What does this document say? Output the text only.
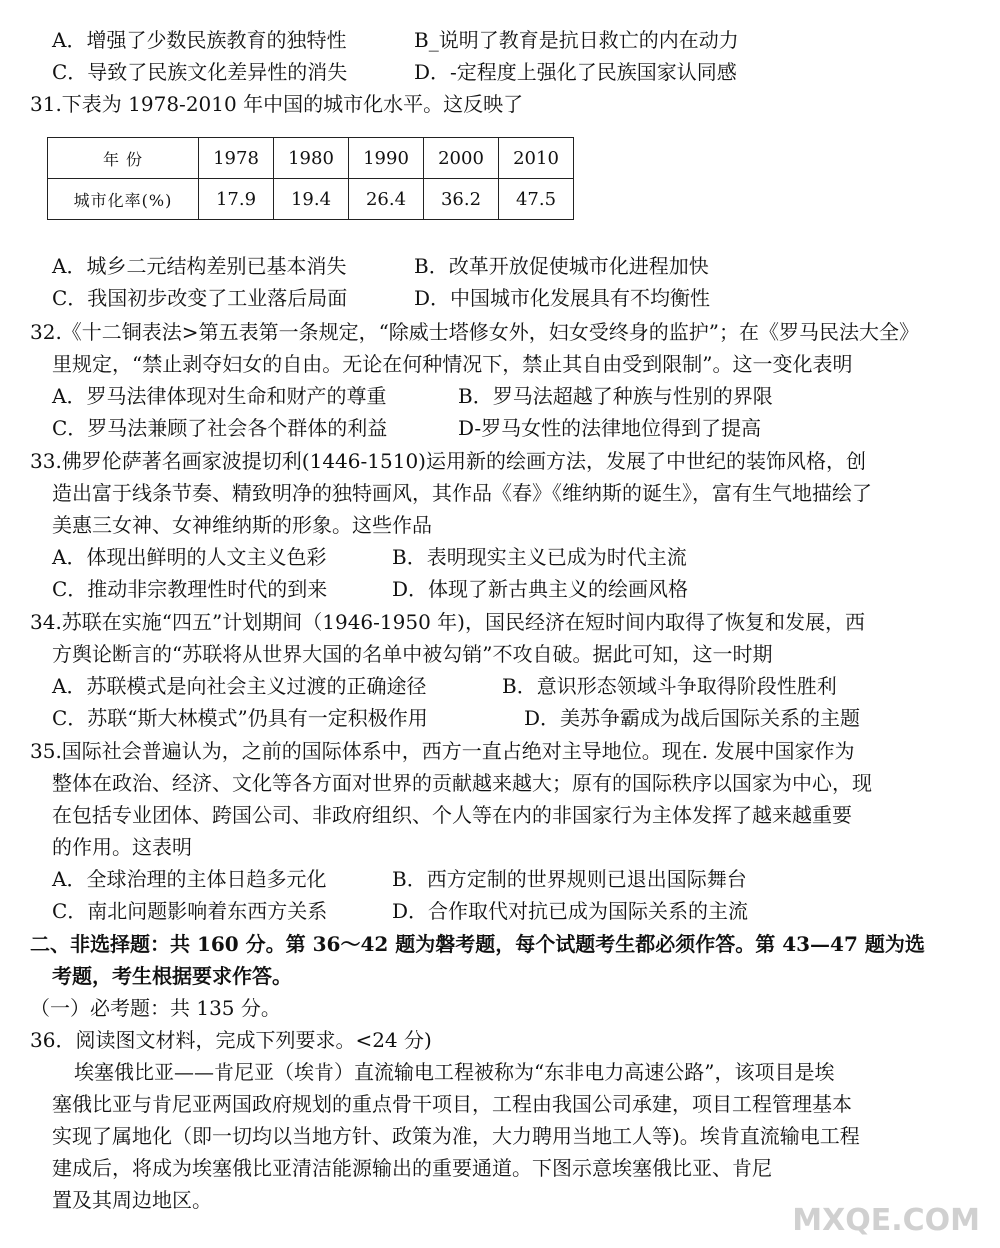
A．增强了少数民族教育的独特性	B_说明了教育是抗日救亡的内在动力
C．导致了民族文化差异性的消失	D．-定程度上强化了民族国家认同感
31.下表为 1978-2010 年中国的城市化水平。这反映了
年 份	1978	1980	1990	2000	2010
城市化率(%)	17.9	19.4	26.4	36.2	47.5
A．城乡二元结构差别已基本消失	B．改革开放促使城市化进程加快
C．我国初步改变了工业落后局面	D．中国城市化发展具有不均衡性
32.《十二铜表法>第五表第一条规定，“除威士塔修女外，妇女受终身的监护”；在《罗马民法大全》
里规定，“禁止剥夺妇女的自由。无论在何种情况下，禁止其自由受到限制”。这一变化表明
A．罗马法律体现对生命和财产的尊重	B．罗马法超越了种族与性别的界限
C．罗马法兼顾了社会各个群体的利益	D-罗马女性的法律地位得到了提高
33.佛罗伦萨著名画家波提切利(1446-1510)运用新的绘画方法，发展了中世纪的装饰风格，创
造出富于线条节奏、精致明净的独特画风，其作品《春》《维纳斯的诞生》，富有生气地描绘了
美惠三女神、女神维纳斯的形象。这些作品
A．体现出鲜明的人文主义色彩	B．表明现实主义已成为时代主流
C．推动非宗教理性时代的到来	D．体现了新古典主义的绘画风格
34.苏联在实施“四五”计划期间（1946-1950 年)，国民经济在短时间内取得了恢复和发展，西
方舆论断言的“苏联将从世界大国的名单中被勾销”不攻自破。据此可知，这一时期
A．苏联模式是向社会主义过渡的正确途径	B．意识形态领域斗争取得阶段性胜利
C．苏联“斯大林模式”仍具有一定积极作用	D．美苏争霸成为战后国际关系的主题
35.国际社会普遍认为，之前的国际体系中，西方一直占绝对主导地位。现在. 发展中国家作为
整体在政治、经济、文化等各方面对世界的贡献越来越大；原有的国际秩序以国家为中心，现
在包括专业团体、跨国公司、非政府组织、个人等在内的非国家行为主体发挥了越来越重要
的作用。这表明
A．全球治理的主体日趋多元化	B．西方定制的世界规则已退出国际舞台
C．南北问题影响着东西方关系	D．合作取代对抗已成为国际关系的主流
二、非选择题：共 160 分。第 36～42 题为磐考题，每个试题考生都必须作答。第 43—47 题为选
考题，考生根据要求作答。
（一）必考题：共 135 分。
36．阅读图文材料，完成下列要求。<24 分)
埃塞俄比亚——肯尼亚（埃肯）直流输电工程被称为“东非电力高速公路”，该项目是埃
塞俄比亚与肯尼亚两国政府规划的重点骨干项目，工程由我国公司承建，项目工程管理基本
实现了属地化（即一切均以当地方针、政策为准，大力聘用当地工人等)。埃肯直流输电工程
建成后，将成为埃塞俄比亚清洁能源输出的重要通道。下图示意埃塞俄比亚、肯尼
置及其周边地区。
MXQE.COM
